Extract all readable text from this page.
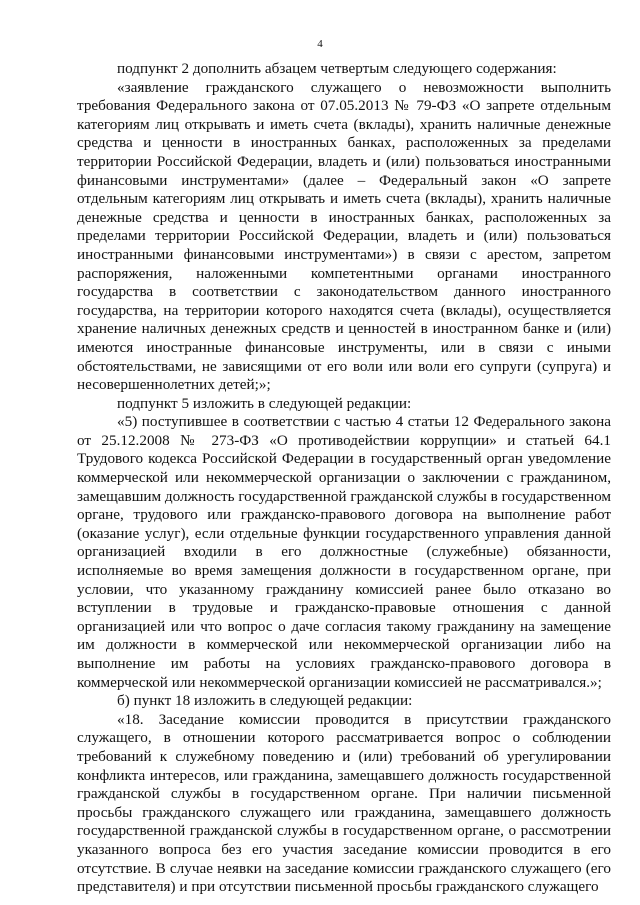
4

подпункт 2 дополнить абзацем четвертым следующего содержания:

«заявление гражданского служащего о невозможности выполнить требования Федерального закона от 07.05.2013 № 79-ФЗ «О запрете отдельным категориям лиц открывать и иметь счета (вклады), хранить наличные денежные средства и ценности в иностранных банках, расположенных за пределами территории Российской Федерации, владеть и (или) пользоваться иностранными финансовыми инструментами» (далее – Федеральный закон «О запрете отдельным категориям лиц открывать и иметь счета (вклады), хранить наличные денежные средства и ценности в иностранных банках, расположенных за пределами территории Российской Федерации, владеть и (или) пользоваться иностранными финансовыми инструментами») в связи с арестом, запретом распоряжения, наложенными компетентными органами иностранного государства в соответствии с законодательством данного иностранного государства, на территории которого находятся счета (вклады), осуществляется хранение наличных денежных средств и ценностей в иностранном банке и (или) имеются иностранные финансовые инструменты, или в связи с иными обстоятельствами, не зависящими от его воли или воли его супруги (супруга) и несовершеннолетних детей;»;

подпункт 5 изложить в следующей редакции:

«5) поступившее в соответствии с частью 4 статьи 12 Федерального закона от 25.12.2008 № 273-ФЗ «О противодействии коррупции» и статьей 64.1 Трудового кодекса Российской Федерации в государственный орган уведомление коммерческой или некоммерческой организации о заключении с гражданином, замещавшим должность государственной гражданской службы в государственном органе, трудового или гражданско-правового договора на выполнение работ (оказание услуг), если отдельные функции государственного управления данной организацией входили в его должностные (служебные) обязанности, исполняемые во время замещения должности в государственном органе, при условии, что указанному гражданину комиссией ранее было отказано во вступлении в трудовые и гражданско-правовые отношения с данной организацией или что вопрос о даче согласия такому гражданину на замещение им должности в коммерческой или некоммерческой организации либо на выполнение им работы на условиях гражданско-правового договора в коммерческой или некоммерческой организации комиссией не рассматривался.»;

б) пункт 18 изложить в следующей редакции:

«18. Заседание комиссии проводится в присутствии гражданского служащего, в отношении которого рассматривается вопрос о соблюдении требований к служебному поведению и (или) требований об урегулировании конфликта интересов, или гражданина, замещавшего должность государственной гражданской службы в государственном органе. При наличии письменной просьбы гражданского служащего или гражданина, замещавшего должность государственной гражданской службы в государственном органе, о рассмотрении указанного вопроса без его участия заседание комиссии проводится в его отсутствие. В случае неявки на заседание комиссии гражданского служащего (его представителя) и при отсутствии письменной просьбы гражданского служащего
